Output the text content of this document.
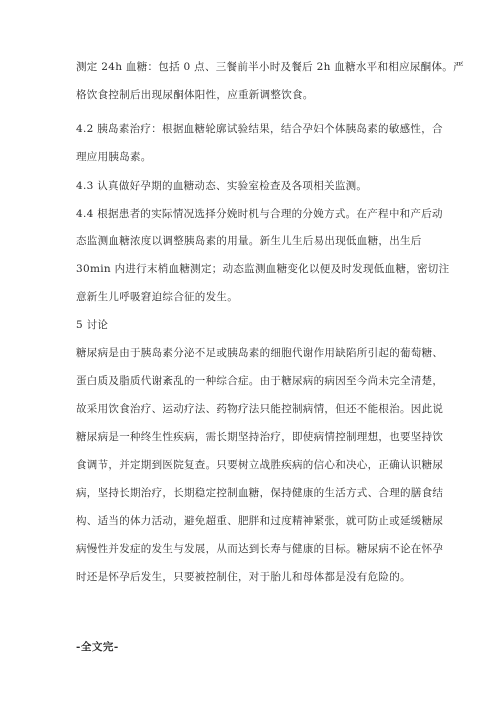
测定 24h 血糖：包括 0 点、三餐前半小时及餐后 2h 血糖水平和相应尿酮体。严

格饮食控制后出现尿酮体阳性，应重新调整饮食。

4.2 胰岛素治疗：根据血糖轮廓试验结果，结合孕妇个体胰岛素的敏感性，合

理应用胰岛素。

4.3 认真做好孕期的血糖动态、实验室检查及各项相关监测。

4.4 根据患者的实际情况选择分娩时机与合理的分娩方式。在产程中和产后动

态监测血糖浓度以调整胰岛素的用量。新生儿生后易出现低血糖，出生后

30min 内进行末梢血糖测定；动态监测血糖变化以便及时发现低血糖，密切注

意新生儿呼吸窘迫综合征的发生。

5 讨论

糖尿病是由于胰岛素分泌不足或胰岛素的细胞代谢作用缺陷所引起的葡萄糖、

蛋白质及脂质代谢紊乱的一种综合症。由于糖尿病的病因至今尚未完全清楚，

故采用饮食治疗、运动疗法、药物疗法只能控制病情，但还不能根治。因此说

糖尿病是一种终生性疾病，需长期坚持治疗，即使病情控制理想，也要坚持饮

食调节，并定期到医院复查。只要树立战胜疾病的信心和决心，正确认识糖尿

病，坚持长期治疗，长期稳定控制血糖，保持健康的生活方式、合理的膳食结

构、适当的体力活动，避免超重、肥胖和过度精神紧张，就可防止或延缓糖尿

病慢性并发症的发生与发展，从而达到长寿与健康的目标。糖尿病不论在怀孕

时还是怀孕后发生，只要被控制住，对于胎儿和母体都是没有危险的。

-全文完-
